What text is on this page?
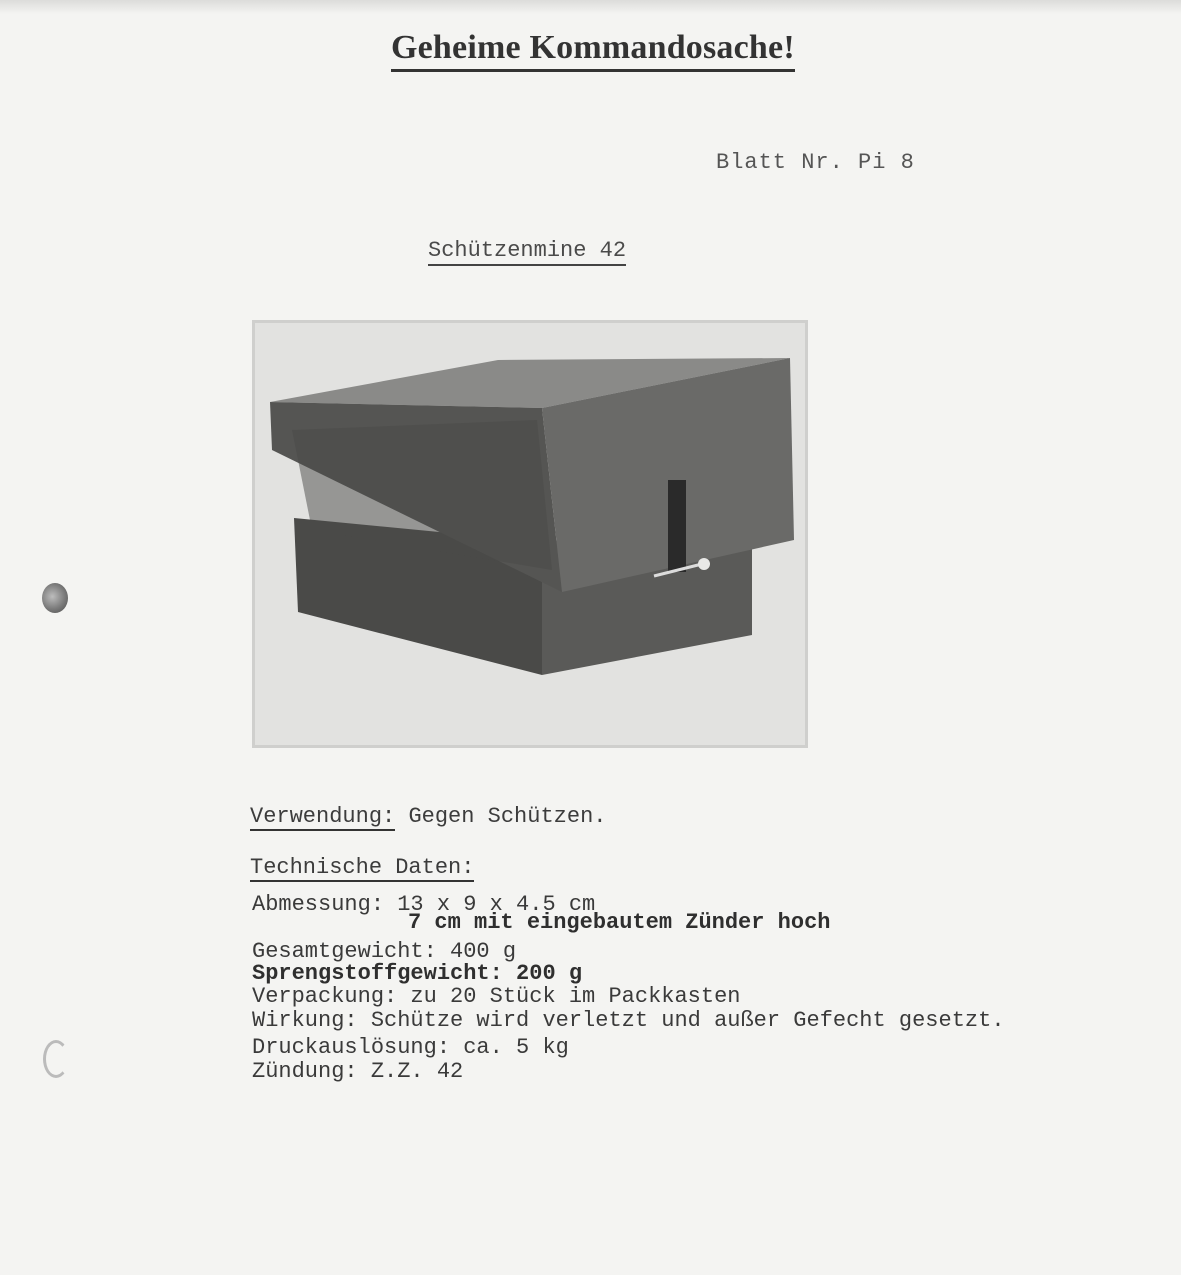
Geheime Kommandosache!
Blatt Nr. Pi 8
Schützenmine 42
Verwendung: Gegen Schützen.
Technische Daten:
Abmessung: 13 x 9 x 4.5 cm
7 cm mit eingebautem Zünder hoch
Gesamtgewicht: 400 g
Sprengstoffgewicht: 200 g
Verpackung: zu 20 Stück im Packkasten
Wirkung: Schütze wird verletzt und außer Gefecht gesetzt.
Druckauslösung: ca. 5 kg
Zündung: Z.Z. 42
